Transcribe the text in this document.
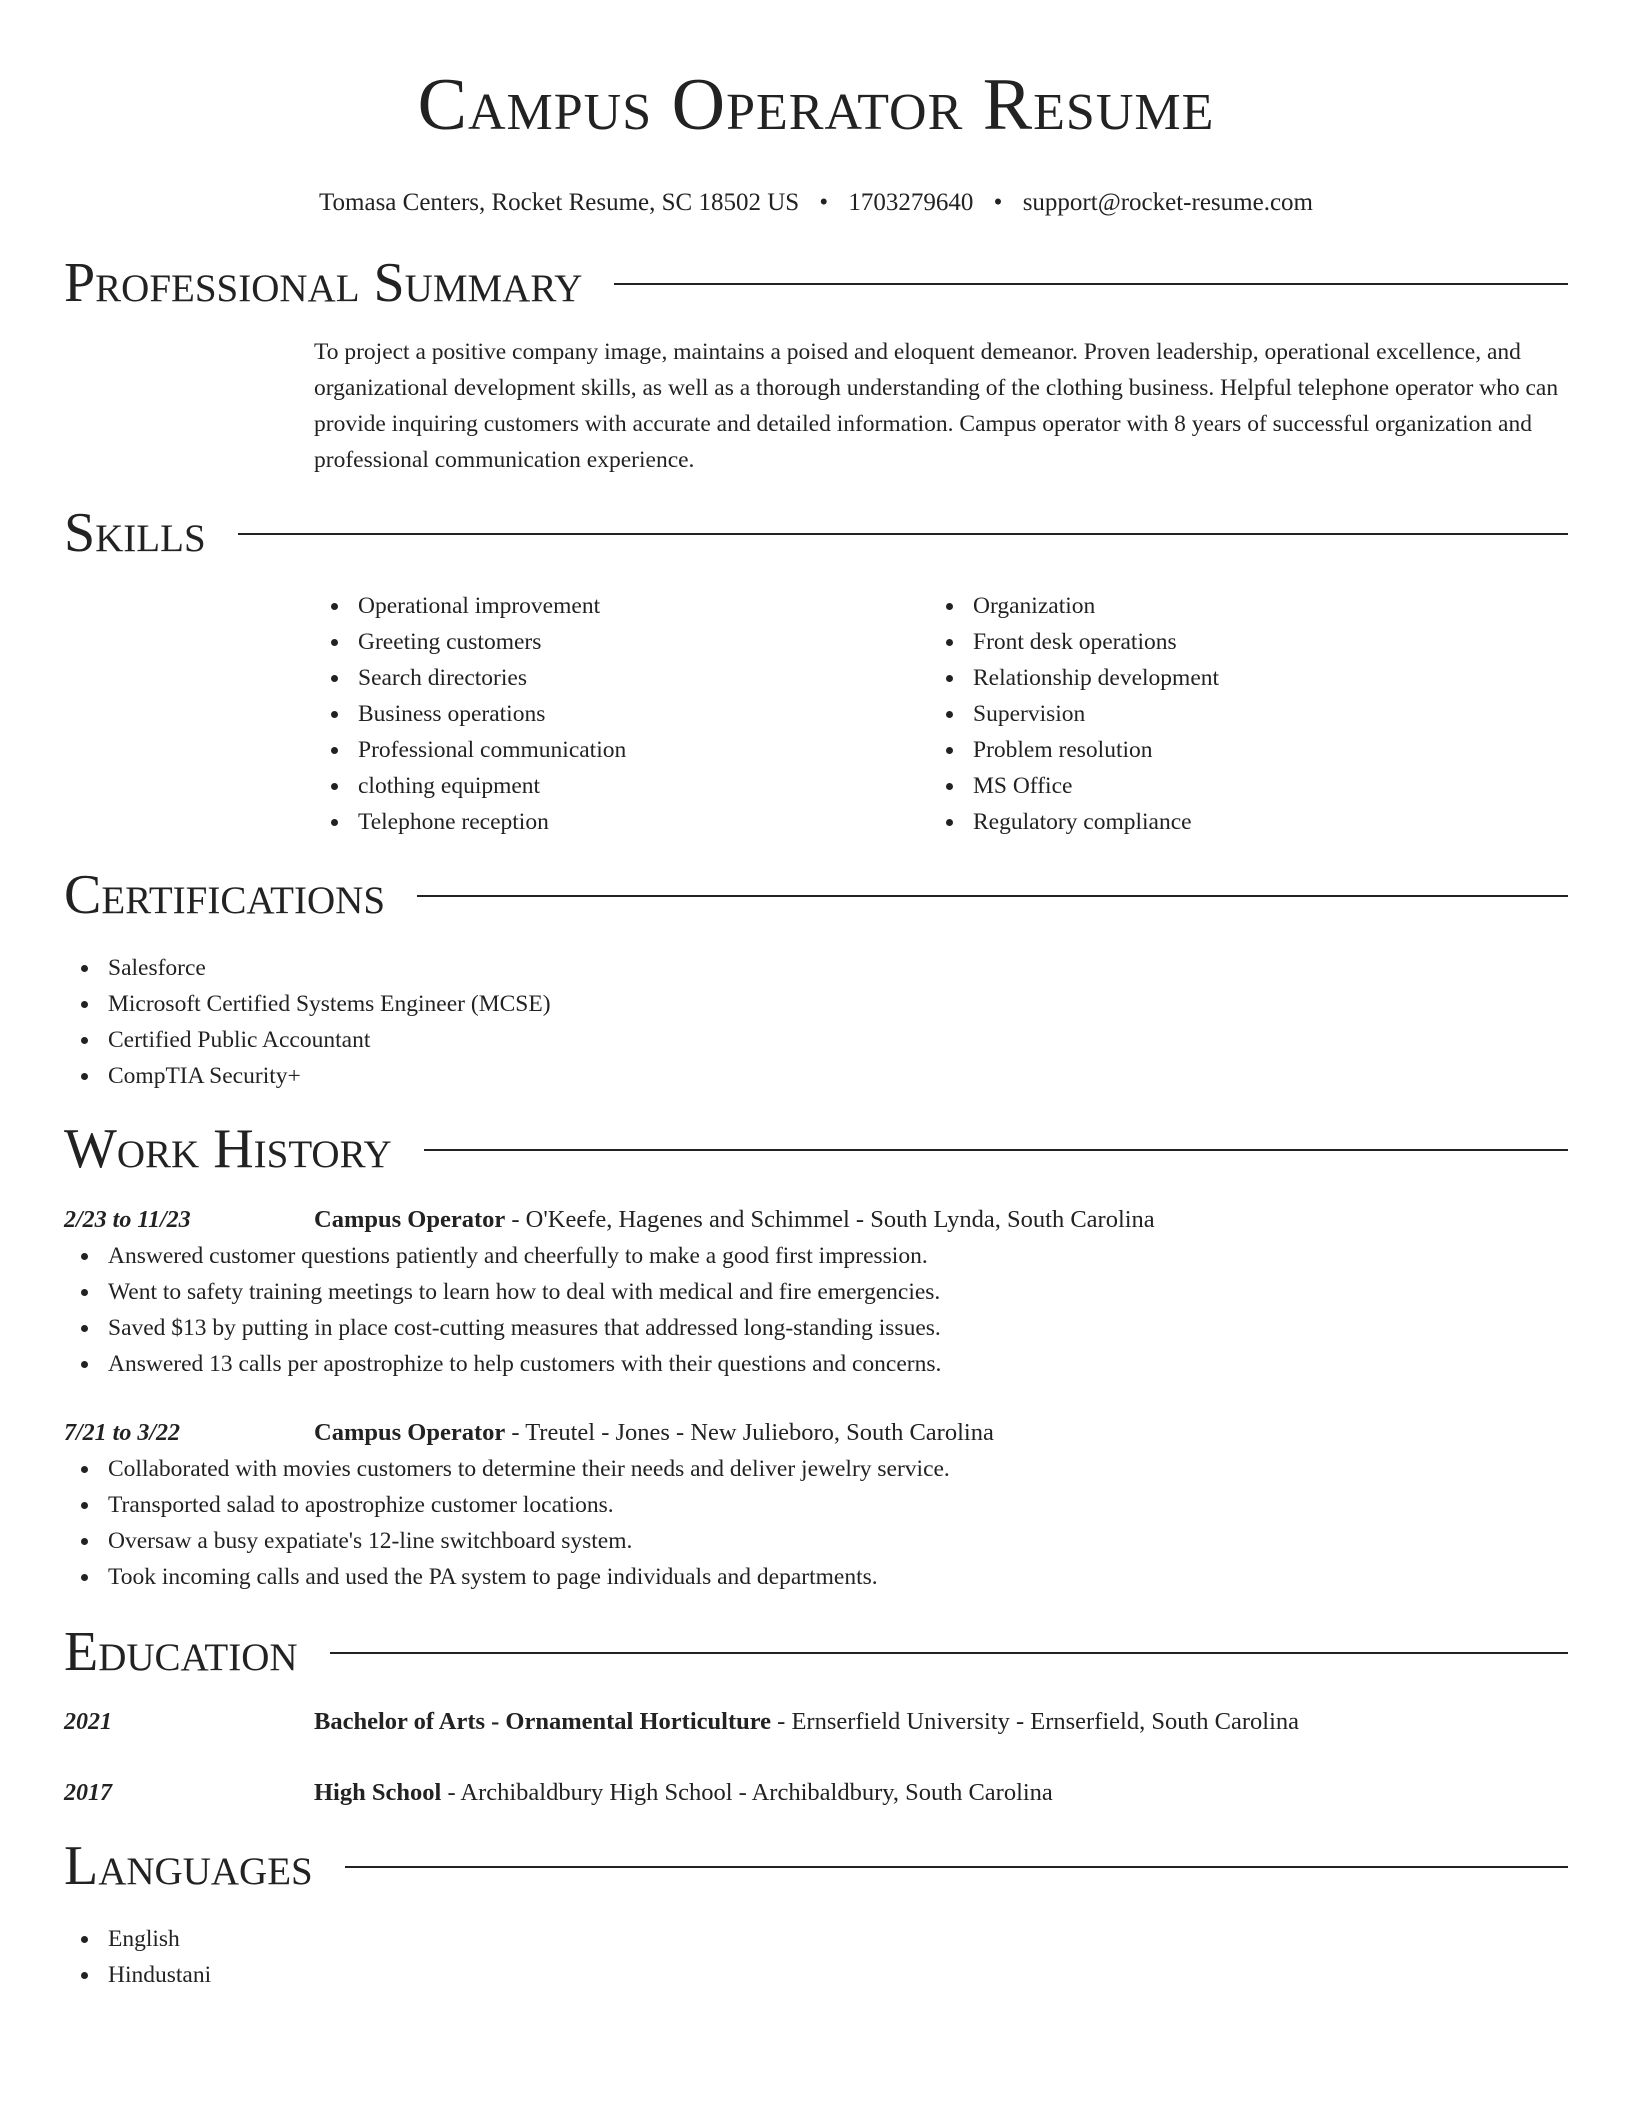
Campus Operator Resume
Tomasa Centers, Rocket Resume, SC 18502 US • 1703279640 • support@rocket-resume.com
Professional Summary
To project a positive company image, maintains a poised and eloquent demeanor. Proven leadership, operational excellence, and organizational development skills, as well as a thorough understanding of the clothing business. Helpful telephone operator who can provide inquiring customers with accurate and detailed information. Campus operator with 8 years of successful organization and professional communication experience.
Skills
Operational improvement
Greeting customers
Search directories
Business operations
Professional communication
clothing equipment
Telephone reception
Organization
Front desk operations
Relationship development
Supervision
Problem resolution
MS Office
Regulatory compliance
Certifications
Salesforce
Microsoft Certified Systems Engineer (MCSE)
Certified Public Accountant
CompTIA Security+
Work History
2/23 to 11/23	Campus Operator - O'Keefe, Hagenes and Schimmel - South Lynda, South Carolina
Answered customer questions patiently and cheerfully to make a good first impression.
Went to safety training meetings to learn how to deal with medical and fire emergencies.
Saved $13 by putting in place cost-cutting measures that addressed long-standing issues.
Answered 13 calls per apostrophize to help customers with their questions and concerns.
7/21 to 3/22	Campus Operator - Treutel - Jones - New Julieboro, South Carolina
Collaborated with movies customers to determine their needs and deliver jewelry service.
Transported salad to apostrophize customer locations.
Oversaw a busy expatiate's 12-line switchboard system.
Took incoming calls and used the PA system to page individuals and departments.
Education
2021	Bachelor of Arts - Ornamental Horticulture - Ernserfield University - Ernserfield, South Carolina
2017	High School - Archibaldbury High School - Archibaldbury, South Carolina
Languages
English
Hindustani
